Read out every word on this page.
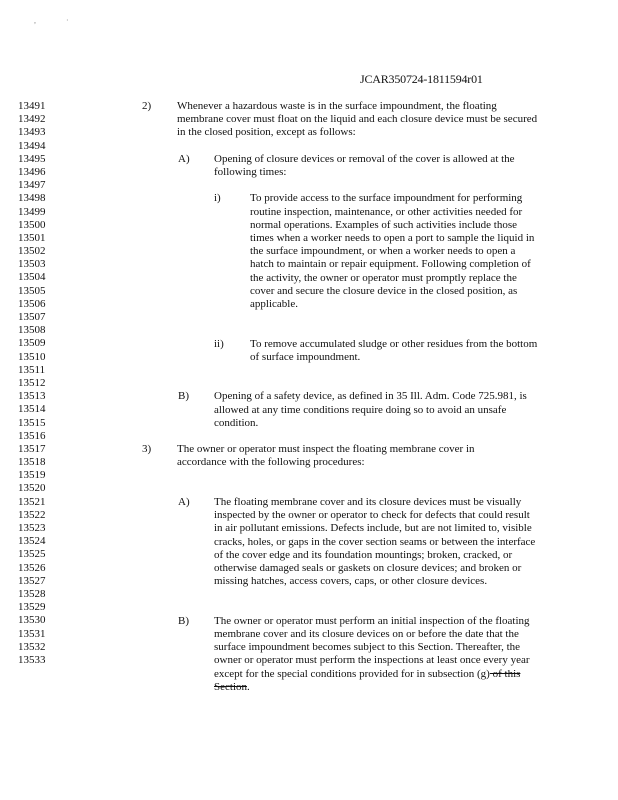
,	·
JCAR350724-1811594r01
13491
13492
13493
13494
13495
13496
13497
13498
13499
13500
13501
13502
13503
13504
13505
13506
13507
13508
13509
13510
13511
13512
13513
13514
13515
13516
13517
13518
13519
13520
13521
13522
13523
13524
13525
13526
13527
13528
13529
13530
13531
13532
13533
2) Whenever a hazardous waste is in the surface impoundment, the floating membrane cover must float on the liquid and each closure device must be secured in the closed position, except as follows:
A) Opening of closure devices or removal of the cover is allowed at the following times:
i)	To provide access to the surface impoundment for performing routine inspection, maintenance, or other activities needed for normal operations. Examples of such activities include those times when a worker needs to open a port to sample the liquid in the surface impoundment, or when a worker needs to open a hatch to maintain or repair equipment. Following completion of the activity, the owner or operator must promptly replace the cover and secure the closure device in the closed position, as applicable.
ii) To remove accumulated sludge or other residues from the bottom of surface impoundment.
B) Opening of a safety device, as defined in 35 Ill. Adm. Code 725.981, is allowed at any time conditions require doing so to avoid an unsafe condition.
3) The owner or operator must inspect the floating membrane cover in accordance with the following procedures:
A) The floating membrane cover and its closure devices must be visually inspected by the owner or operator to check for defects that could result in air pollutant emissions. Defects include, but are not limited to, visible cracks, holes, or gaps in the cover section seams or between the interface of the cover edge and its foundation mountings; broken, cracked, or otherwise damaged seals or gaskets on closure devices; and broken or missing hatches, access covers, caps, or other closure devices.
B) The owner or operator must perform an initial inspection of the floating membrane cover and its closure devices on or before the date that the surface impoundment becomes subject to this Section. Thereafter, the owner or operator must perform the inspections at least once every year except for the special conditions provided for in subsection (g) of this Section.
